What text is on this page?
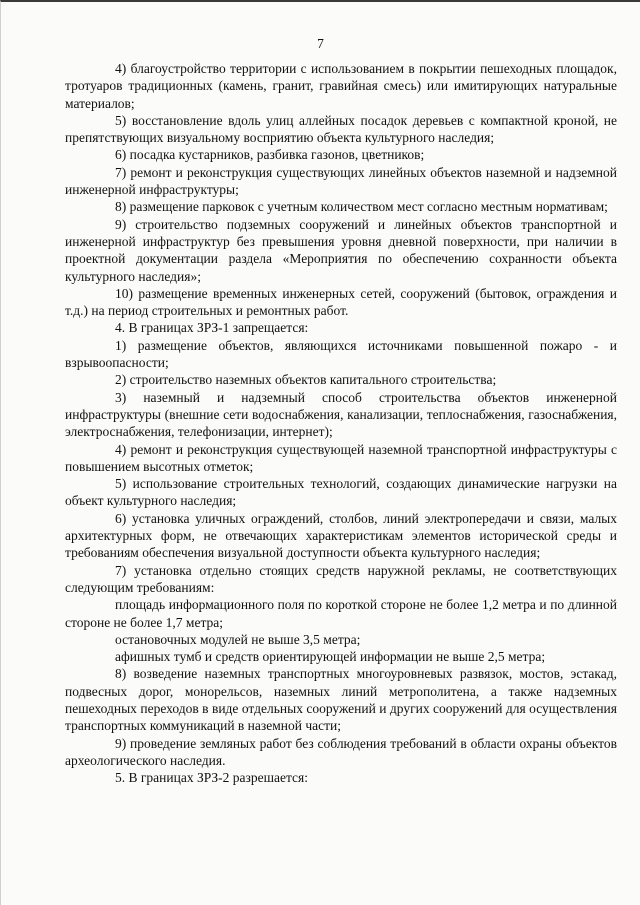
7

4) благоустройство территории с использованием в покрытии пешеходных площадок, тротуаров традиционных (камень, гранит, гравийная смесь) или имитирующих натуральные материалов;

5) восстановление вдоль улиц аллейных посадок деревьев с компактной кроной, не препятствующих визуальному восприятию объекта культурного наследия;

6) посадка кустарников, разбивка газонов, цветников;

7) ремонт и реконструкция существующих линейных объектов наземной и надземной инженерной инфраструктуры;

8) размещение парковок с учетным количеством мест согласно местным нормативам;

9) строительство подземных сооружений и линейных объектов транспортной и инженерной инфраструктур без превышения уровня дневной поверхности, при наличии в проектной документации раздела «Мероприятия по обеспечению сохранности объекта культурного наследия»;

10) размещение временных инженерных сетей, сооружений (бытовок, ограждения и т.д.) на период строительных и ремонтных работ.

4. В границах ЗРЗ-1 запрещается:

1) размещение объектов, являющихся источниками повышенной пожаро - и взрывоопасности;

2) строительство наземных объектов капитального строительства;

3) наземный и надземный способ строительства объектов инженерной инфраструктуры (внешние сети водоснабжения, канализации, теплоснабжения, газоснабжения, электроснабжения, телефонизации, интернет);

4) ремонт и реконструкция существующей наземной транспортной инфраструктуры с повышением высотных отметок;

5) использование строительных технологий, создающих динамические нагрузки на объект культурного наследия;

6) установка уличных ограждений, столбов, линий электропередачи и связи, малых архитектурных форм, не отвечающих характеристикам элементов исторической среды и требованиям обеспечения визуальной доступности объекта культурного наследия;

7) установка отдельно стоящих средств наружной рекламы, не соответствующих следующим требованиям:

площадь информационного поля по короткой стороне не более 1,2 метра и по длинной стороне не более 1,7 метра;

остановочных модулей не выше 3,5 метра;

афишных тумб и средств ориентирующей информации не выше 2,5 метра;

8) возведение наземных транспортных многоуровневых развязок, мостов, эстакад, подвесных дорог, монорельсов, наземных линий метрополитена, а также надземных пешеходных переходов в виде отдельных сооружений и других сооружений для осуществления транспортных коммуникаций в наземной части;

9) проведение земляных работ без соблюдения требований в области охраны объектов археологического наследия.

5. В границах ЗРЗ-2 разрешается:
